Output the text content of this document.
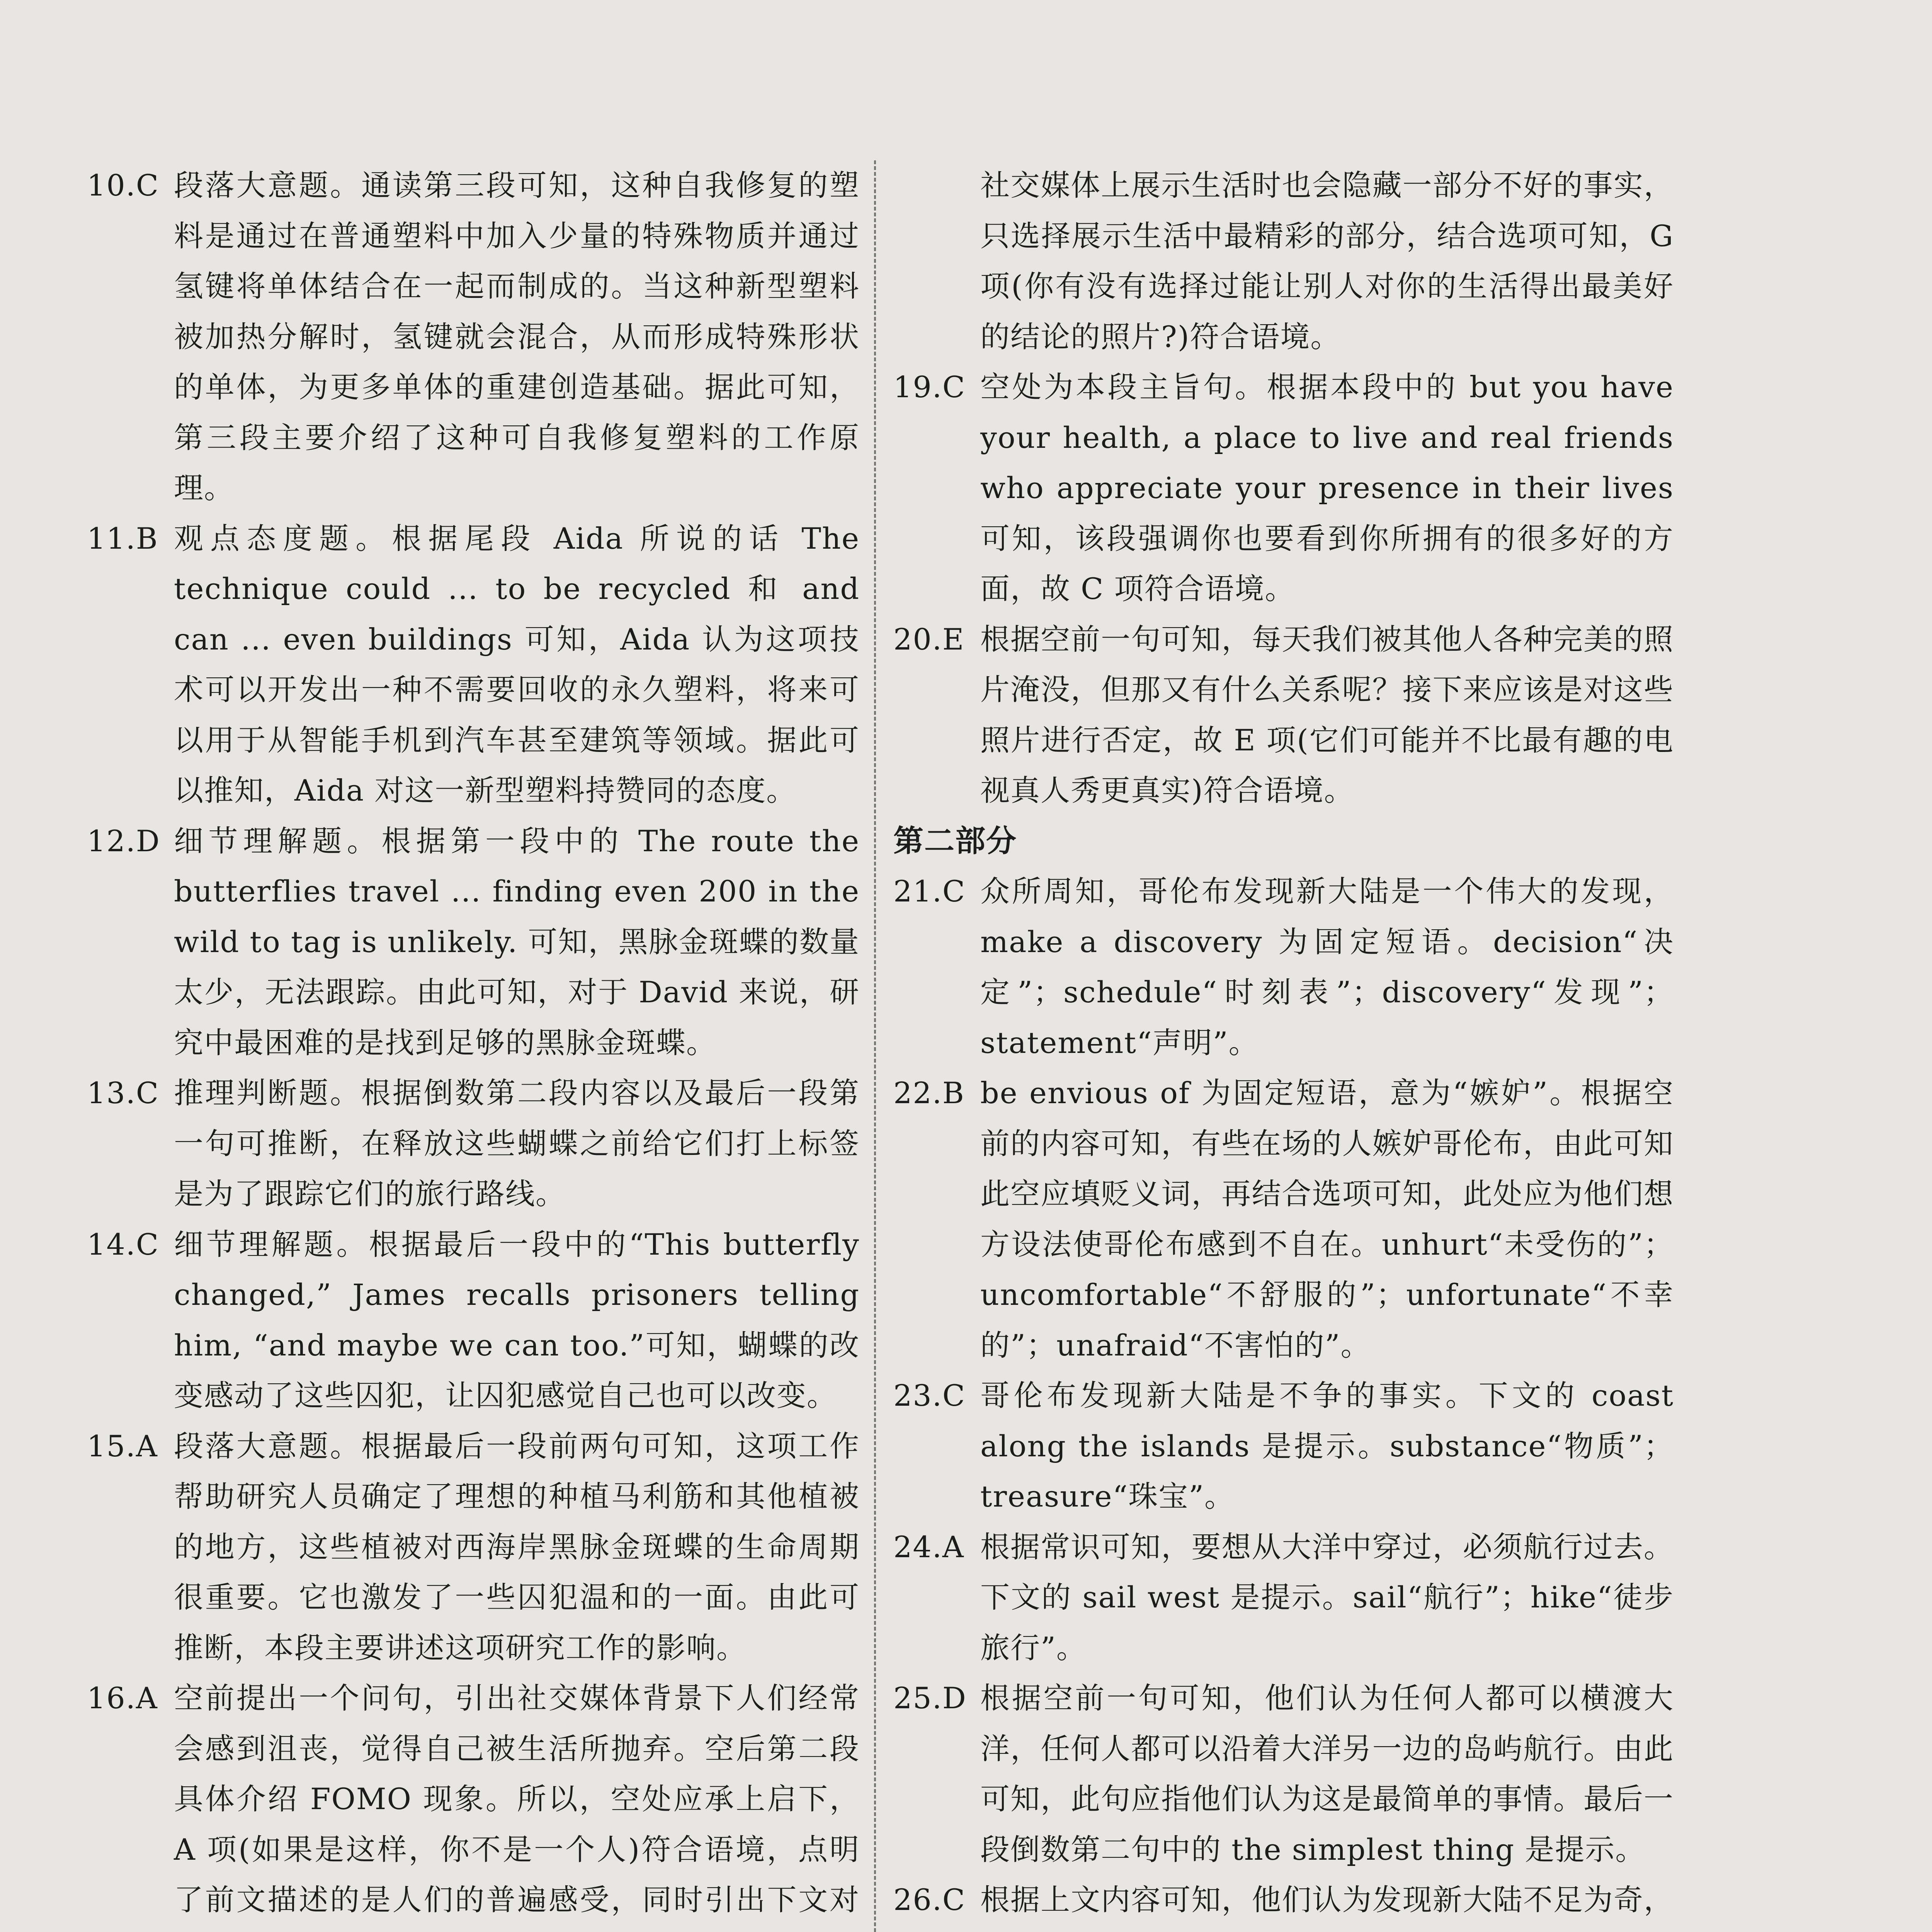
10.C 段落大意题。通读第三段可知，这种自我修复的塑料是通过在普通塑料中加入少量的特殊物质并通过氢键将单体结合在一起而制成的。当这种新型塑料被加热分解时，氢键就会混合，从而形成特殊形状的单体，为更多单体的重建创造基础。据此可知，第三段主要介绍了这种可自我修复塑料的工作原理。
11.B 观点态度题。根据尾段 Aida 所说的话 The technique could ... to be recycled 和 and can ... even buildings 可知，Aida 认为这项技术可以开发出一种不需要回收的永久塑料，将来可以用于从智能手机到汽车甚至建筑等领域。据此可以推知，Aida 对这一新型塑料持赞同的态度。
12.D 细节理解题。根据第一段中的 The route the butterflies travel ... finding even 200 in the wild to tag is unlikely. 可知，黑脉金斑蝶的数量太少，无法跟踪。由此可知，对于 David 来说，研究中最困难的是找到足够的黑脉金斑蝶。
13.C 推理判断题。根据倒数第二段内容以及最后一段第一句可推断，在释放这些蝴蝶之前给它们打上标签是为了跟踪它们的旅行路线。
14.C 细节理解题。根据最后一段中的“This butterfly changed,” James recalls prisoners telling him, “and maybe we can too.”可知，蝴蝶的改变感动了这些囚犯，让囚犯感觉自己也可以改变。
15.A 段落大意题。根据最后一段前两句可知，这项工作帮助研究人员确定了理想的种植马利筋和其他植被的地方，这些植被对西海岸黑脉金斑蝶的生命周期很重要。它也激发了一些囚犯温和的一面。由此可推断，本段主要讲述这项研究工作的影响。
16.A 空前提出一个问句，引出社交媒体背景下人们经常会感到沮丧，觉得自己被生活所抛弃。空后第二段具体介绍 FOMO 现象。所以，空处应承上启下，A 项(如果是这样，你不是一个人)符合语境，点明了前文描述的是人们的普遍感受，同时引出下文对
社交媒体上展示生活时也会隐藏一部分不好的事实，只选择展示生活中最精彩的部分，结合选项可知，G 项(你有没有选择过能让别人对你的生活得出最美好的结论的照片?)符合语境。
19.C 空处为本段主旨句。根据本段中的 but you have your health, a place to live and real friends who appreciate your presence in their lives 可知，该段强调你也要看到你所拥有的很多好的方面，故 C 项符合语境。
20.E 根据空前一句可知，每天我们被其他人各种完美的照片淹没，但那又有什么关系呢？接下来应该是对这些照片进行否定，故 E 项(它们可能并不比最有趣的电视真人秀更真实)符合语境。
第二部分
21.C 众所周知，哥伦布发现新大陆是一个伟大的发现，make a discovery 为固定短语。decision“决定”；schedule“时刻表”；discovery“发现”；statement“声明”。
22.B be envious of 为固定短语，意为“嫉妒”。根据空前的内容可知，有些在场的人嫉妒哥伦布，由此可知此空应填贬义词，再结合选项可知，此处应为他们想方设法使哥伦布感到不自在。unhurt“未受伤的”；uncomfortable“不舒服的”；unfortunate“不幸的”；unafraid“不害怕的”。
23.C 哥伦布发现新大陆是不争的事实。下文的 coast along the islands 是提示。substance“物质”；treasure“珠宝”。
24.A 根据常识可知，要想从大洋中穿过，必须航行过去。下文的 sail west 是提示。sail“航行”；hike“徒步旅行”。
25.D 根据空前一句可知，他们认为任何人都可以横渡大洋，任何人都可以沿着大洋另一边的岛屿航行。由此可知，此句应指他们认为这是最简单的事情。最后一段倒数第二句中的 the simplest thing 是提示。
26.C 根据上文内容可知，他们认为发现新大陆不足为奇，
